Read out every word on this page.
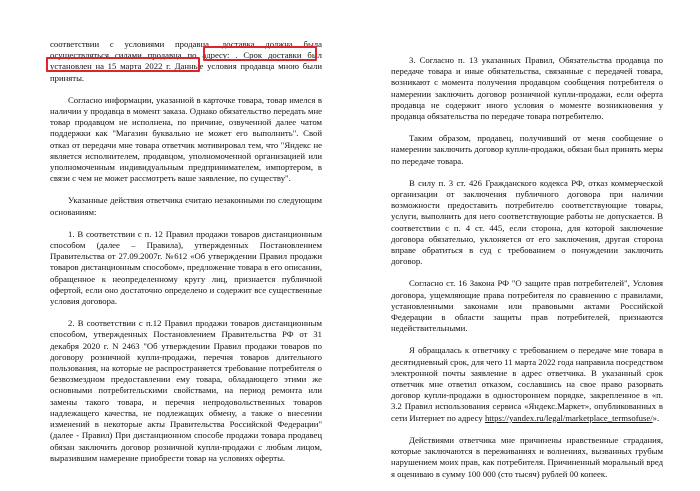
соответствии с условиями продавца, доставка должна была осуществляться силами продавца по адресу: . Срок доставки был установлен на 15 марта 2022 г. Данные условия продавца мною были приняты.

Согласно информации, указанной в карточке товара, товар имелся в наличии у продавца в момент заказа. Однако обязательство передать мне товар продавцом не исполнена, по причине, озвученной далее чатом поддержки как "Магазин буквально не может его выполнить". Свой отказ от передачи мне товара ответчик мотивировал тем, что "Яндекс не является исполнителем, продавцом, уполномоченной организацией или уполномоченным индивидуальным предпринимателем, импортером, в связи с чем не может рассмотреть ваше заявление, по существу".

Указанные действия ответчика считаю незаконными по следующим основаниям:

1. В соответствии с п. 12 Правил продажи товаров дистанционным способом (далее – Правила), утвержденных Постановлением Правительства от 27.09.2007г. №612 «Об утверждении Правил продажи товаров дистанционным способом», предложение товара в его описании, обращенное к неопределенному кругу лиц, признается публичной офертой, если оно достаточно определено и содержит все существенные условия договора.

2. В соответствии с п.12 Правил продажи товаров дистанционным способом, утвержденных Постановлением Правительства РФ от 31 декабря 2020 г. N 2463 "Об утверждении Правил продажи товаров по договору розничной купли-продажи, перечня товаров длительного пользования, на которые не распространяется требование потребителя о безвозмездном предоставлении ему товара, обладающего этими же основными потребительскими свойствами, на период ремонта или замены такого товара, и перечня непродовольственных товаров надлежащего качества, не подлежащих обмену, а также о внесении изменений в некоторые акты Правительства Российской Федерации" (далее - Правил) При дистанционном способе продажи товара продавец обязан заключить договор розничной купли-продажи с любым лицом, выразившим намерение приобрести товар на условиях оферты.

3. Согласно п. 13 указанных Правил, Обязательства продавца по передаче товара и иные обязательства, связанные с передачей товара, возникают с момента получения продавцом сообщения потребителя о намерении заключить договор розничной купли-продажи, если оферта продавца не содержит иного условия о моменте возникновения у продавца обязательства по передаче товара потребителю.

Таким образом, продавец, получивший от меня сообщение о намерении заключить договор купли-продажи, обязан был принять меры по передаче товара.

В силу п. 3 ст. 426 Гражданского кодекса РФ, отказ коммерческой организации от заключения публичного договора при наличии возможности предоставить потребителю соответствующие товары, услуги, выполнить для него соответствующие работы не допускается. В соответствии с п. 4 ст. 445, если сторона, для которой заключение договора обязательно, уклоняется от его заключения, другая сторона вправе обратиться в суд с требованием о понуждении заключить договор.

Согласно ст. 16 Закона РФ "О защите прав потребителей", Условия договора, ущемляющие права потребителя по сравнению с правилами, установленными законами или правовыми актами Российской Федерации в области защиты прав потребителей, признаются недействительными.

Я обращалась к ответчику с требованием о передаче мне товара в десятидневный срок, для чего 11 марта 2022 года направила посредством электронной почты заявление в адрес ответчика. В указанный срок ответчик мне ответил отказом, сославшись на свое право разорвать договор купли-продажи в одностороннем порядке, закрепленное в «п. 3.2 Правил использования сервиса «Яндекс.Маркет», опубликованных в сети Интернет по адресу https://yandex.ru/legal/marketplace_termsofuse/».

Действиями ответчика мне причинены нравственные страдания, которые заключаются в переживаниях и волнениях, вызванных грубым нарушением моих прав, как потребителя. Причиненный моральный вред я оцениваю в сумму 100 000 (сто тысяч) рублей 00 копеек.
